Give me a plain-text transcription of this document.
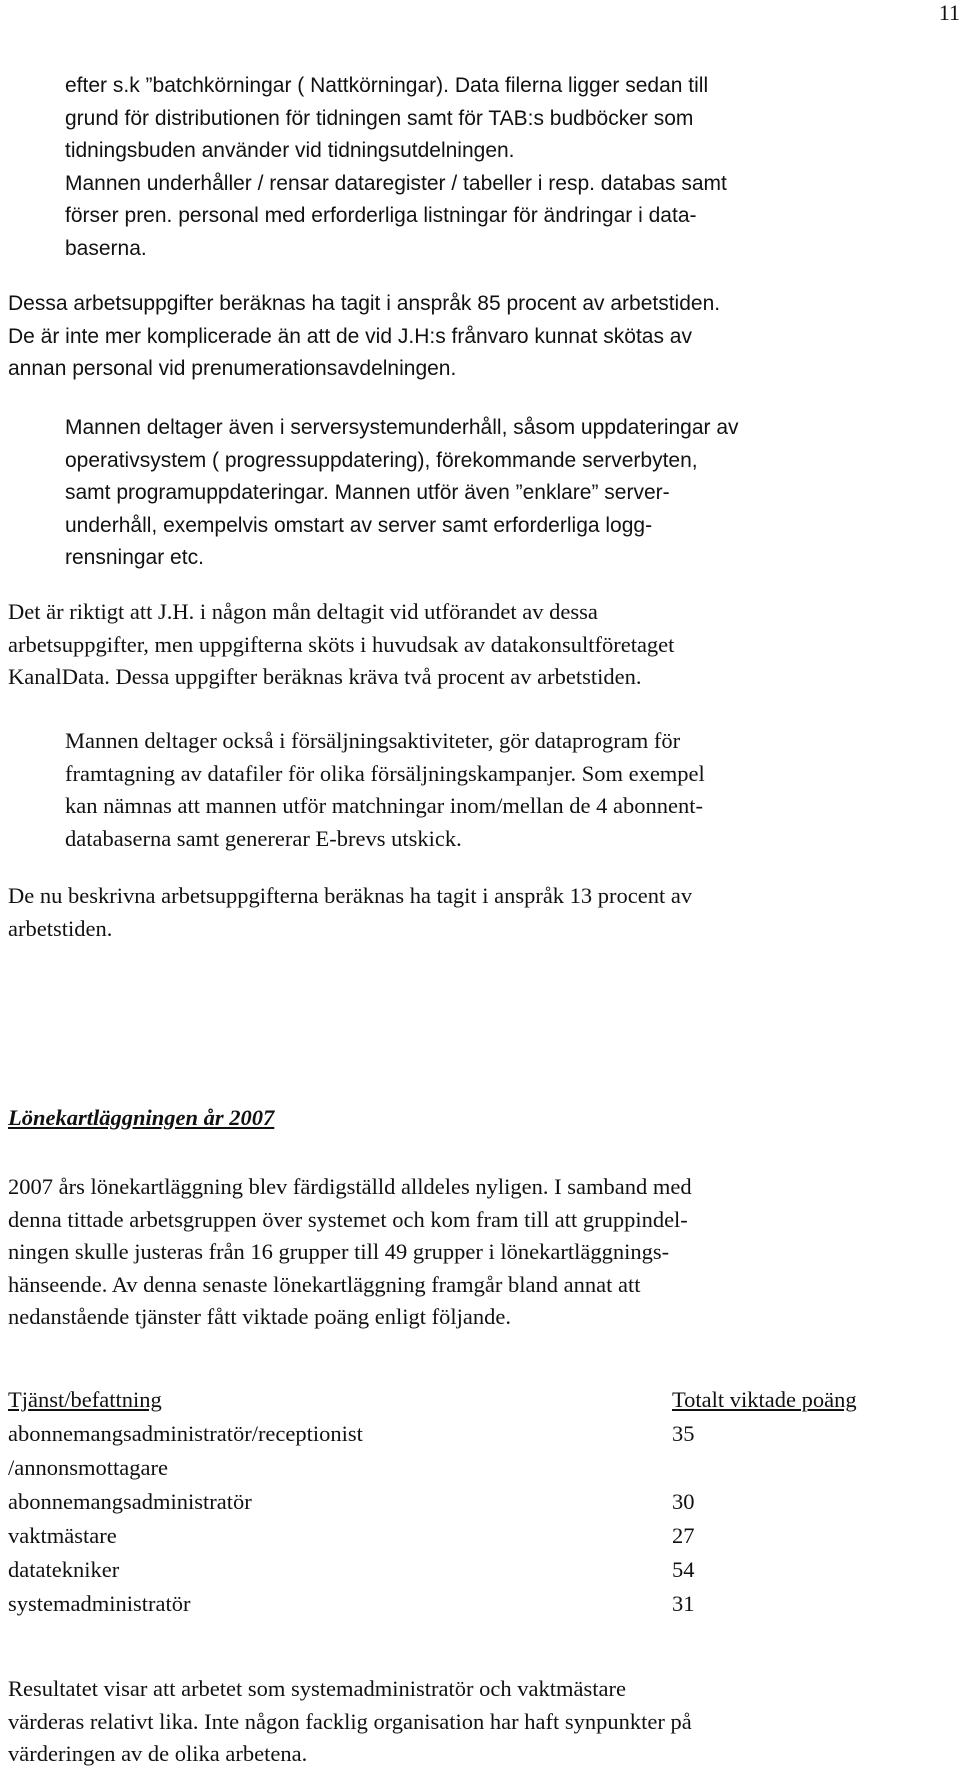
11

efter s.k ”batchkörningar ( Nattkörningar). Data filerna ligger sedan till
grund för distributionen för tidningen samt för TAB:s budböcker som
tidningsbuden använder vid tidningsutdelningen.
Mannen underhåller / rensar dataregister / tabeller i resp. databas samt
förser pren. personal med erforderliga listningar för ändringar i data-
baserna.

Dessa arbetsuppgifter beräknas ha tagit i anspråk 85 procent av arbetstiden.
De är inte mer komplicerade än att de vid J.H:s frånvaro kunnat skötas av
annan personal vid prenumerationsavdelningen.

Mannen deltager även i serversystemunderhåll, såsom uppdateringar av
operativsystem ( progressuppdatering), förekommande serverbyten,
samt programuppdateringar. Mannen utför även ”enklare” server-
underhåll, exempelvis omstart av server samt erforderliga logg-
rensningar etc.

Det är riktigt att J.H. i någon mån deltagit vid utförandet av dessa
arbetsuppgifter, men uppgifterna sköts i huvudsak av datakonsultföretaget
KanalData. Dessa uppgifter beräknas kräva två procent av arbetstiden.

Mannen deltager också i försäljningsaktiviteter, gör dataprogram för
framtagning av datafiler för olika försäljningskampanjer. Som exempel
kan nämnas att mannen utför matchningar inom/mellan de 4 abonnent-
databaserna samt genererar E-brevs utskick.

De nu beskrivna arbetsuppgifterna beräknas ha tagit i anspråk 13 procent av
arbetstiden.

Lönekartläggningen år 2007

2007 års lönekartläggning blev färdigställd alldeles nyligen. I samband med
denna tittade arbetsgruppen över systemet och kom fram till att gruppindel-
ningen skulle justeras från 16 grupper till 49 grupper i lönekartläggnings-
hänseende. Av denna senaste lönekartläggning framgår bland annat att
nedanstående tjänster fått viktade poäng enligt följande.

Tjänst/befattning	Totalt viktade poäng
abonnemangsadministratör/receptionist	35
/annonsmottagare
abonnemangsadministratör	30
vaktmästare	27
datatekniker	54
systemadministratör	31

Resultatet visar att arbetet som systemadministratör och vaktmästare
värderas relativt lika. Inte någon facklig organisation har haft synpunkter på
värderingen av de olika arbetena.
